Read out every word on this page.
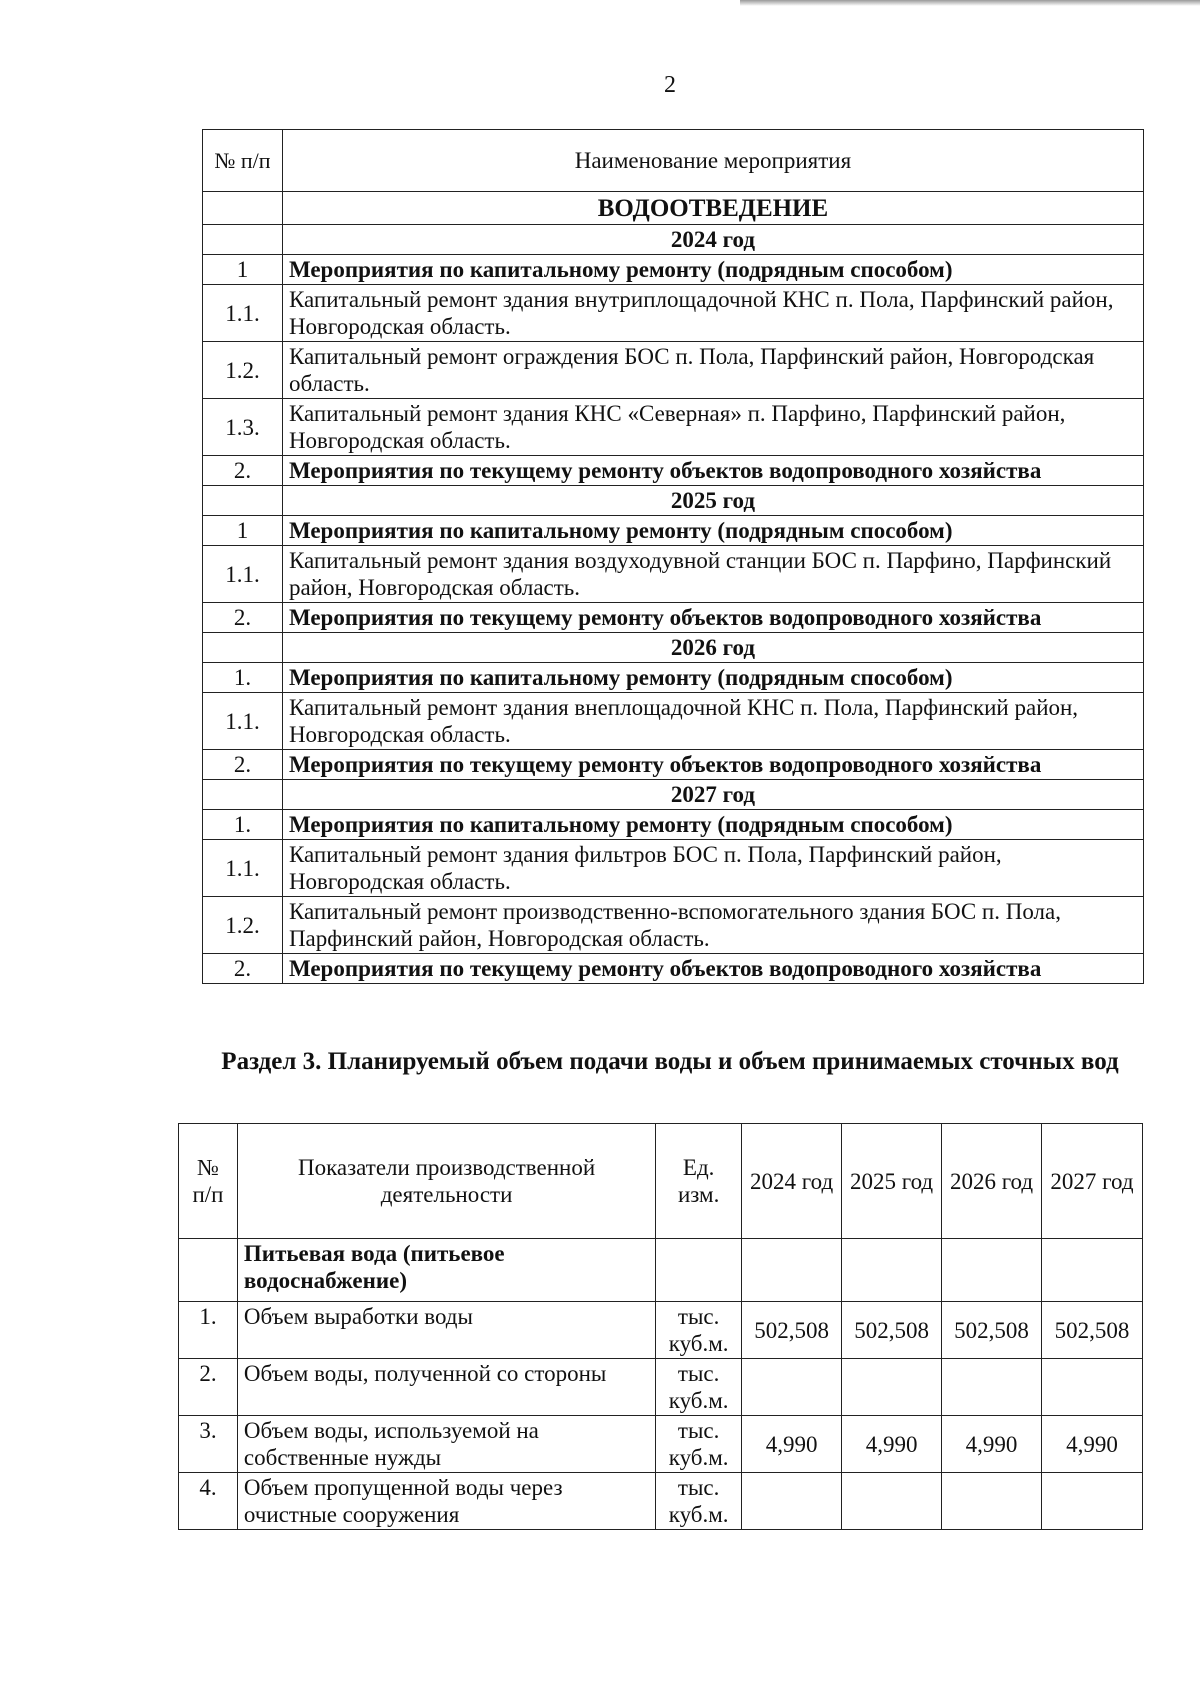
2
№ п/п	Наименование мероприятия
	ВОДООТВЕДЕНИЕ
	2024 год
1	Мероприятия по капитальному ремонту (подрядным способом)
1.1.	Капитальный ремонт здания внутриплощадочной КНС п. Пола, Парфинский район, Новгородская область.
1.2.	Капитальный ремонт ограждения БОС п. Пола, Парфинский район, Новгородская область.
1.3.	Капитальный ремонт здания КНС «Северная» п. Парфино, Парфинский район, Новгородская область.
2.	Мероприятия по текущему ремонту объектов водопроводного хозяйства
	2025 год
1	Мероприятия по капитальному ремонту (подрядным способом)
1.1.	Капитальный ремонт здания воздуходувной станции БОС п. Парфино, Парфинский район, Новгородская область.
2.	Мероприятия по текущему ремонту объектов водопроводного хозяйства
	2026 год
1.	Мероприятия по капитальному ремонту (подрядным способом)
1.1.	Капитальный ремонт здания внеплощадочной КНС п. Пола, Парфинский район, Новгородская область.
2.	Мероприятия по текущему ремонту объектов водопроводного хозяйства
	2027 год
1.	Мероприятия по капитальному ремонту (подрядным способом)
1.1.	Капитальный ремонт здания фильтров БОС п. Пола, Парфинский район, Новгородская область.
1.2.	Капитальный ремонт производственно-вспомогательного здания БОС п. Пола, Парфинский район, Новгородская область.
2.	Мероприятия по текущему ремонту объектов водопроводного хозяйства
Раздел 3. Планируемый объем подачи воды и объем принимаемых сточных вод
№ п/п	Показатели производственной деятельности	Ед. изм.	2024 год	2025 год	2026 год	2027 год
	Питьевая вода (питьевое водоснабжение)					
1.	Объем выработки воды	тыс. куб.м.	502,508	502,508	502,508	502,508
2.	Объем воды, полученной со стороны	тыс. куб.м.				
3.	Объем воды, используемой на собственные нужды	тыс. куб.м.	4,990	4,990	4,990	4,990
4.	Объем пропущенной воды через очистные сооружения	тыс. куб.м.				
